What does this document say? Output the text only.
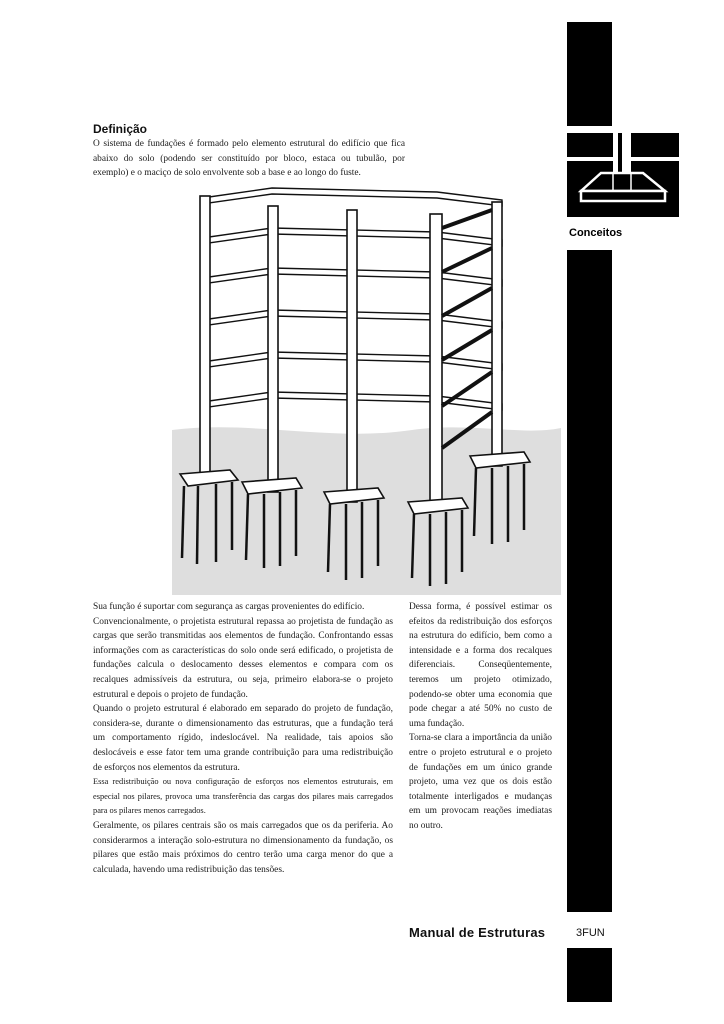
Conceitos
Definição
O sistema de fundações é formado pelo elemento estrutural do edifício que fica abaixo do solo (podendo ser constituído por bloco, estaca ou tubulão, por exemplo) e o maciço de solo envolvente sob a base e ao longo do fuste.

Sua função é suportar com segurança as cargas provenientes do edifício.

Convencionalmente, o projetista estrutural repassa ao projetista de fundação as cargas que serão transmitidas aos elementos de fundação. Confrontando essas informações com as características do solo onde será edificado, o projetista de fundações calcula o deslocamento desses elementos e compara com os recalques admissíveis da estrutura, ou seja, primeiro elabora-se o projeto estrutural e depois o projeto de fundação.

Quando o projeto estrutural é elaborado em separado do projeto de fundação, considera-se, durante o dimensionamento das estruturas, que a fundação terá um comportamento rígido, indeslocável. Na realidade, tais apoios são deslocáveis e esse fator tem uma grande contribuição para uma redistribuição de esforços nos elementos da estrutura.

Essa redistribuição ou nova configuração de esforços nos elementos estruturais, em especial nos pilares, provoca uma transferência das cargas dos pilares mais carregados para os pilares menos carregados.

Geralmente, os pilares centrais são os mais carregados que os da periferia. Ao considerarmos a interação solo-estrutura no dimensionamento da fundação, os pilares que estão mais próximos do centro terão uma carga menor do que a calculada, havendo uma redistribuição das tensões.

Dessa forma, é possível estimar os efeitos da redistribuição dos esforços na estrutura do edifício, bem como a intensidade e a forma dos recalques diferenciais. Conseqüentemente, teremos um projeto otimizado, podendo-se obter uma economia que pode chegar a até 50% no custo de uma fundação.

Torna-se clara a importância da união entre o projeto estrutural e o projeto de fundações em um único grande projeto, uma vez que os dois estão totalmente interligados e mudanças em um provocam reações imediatas no outro.

Manual de Estruturas	3FUN
